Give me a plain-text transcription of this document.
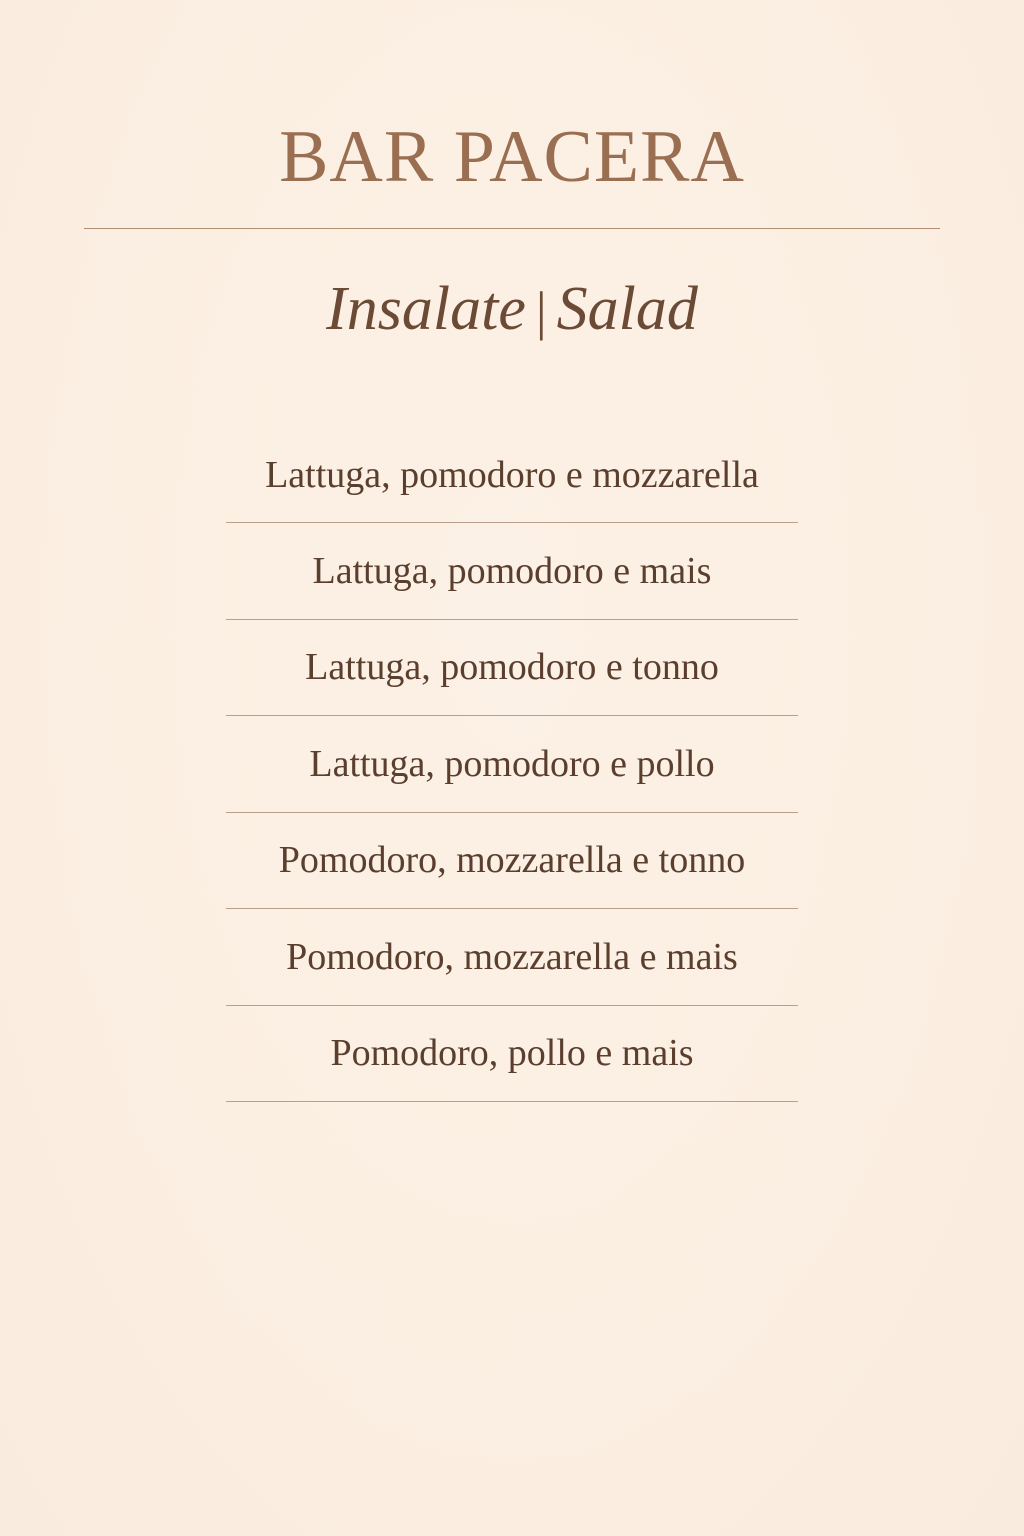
BAR PACERA
Insalate | Salad
Lattuga, pomodoro e mozzarella
Lattuga, pomodoro e mais
Lattuga, pomodoro e tonno
Lattuga, pomodoro e pollo
Pomodoro, mozzarella e tonno
Pomodoro, mozzarella e mais
Pomodoro, pollo e mais
